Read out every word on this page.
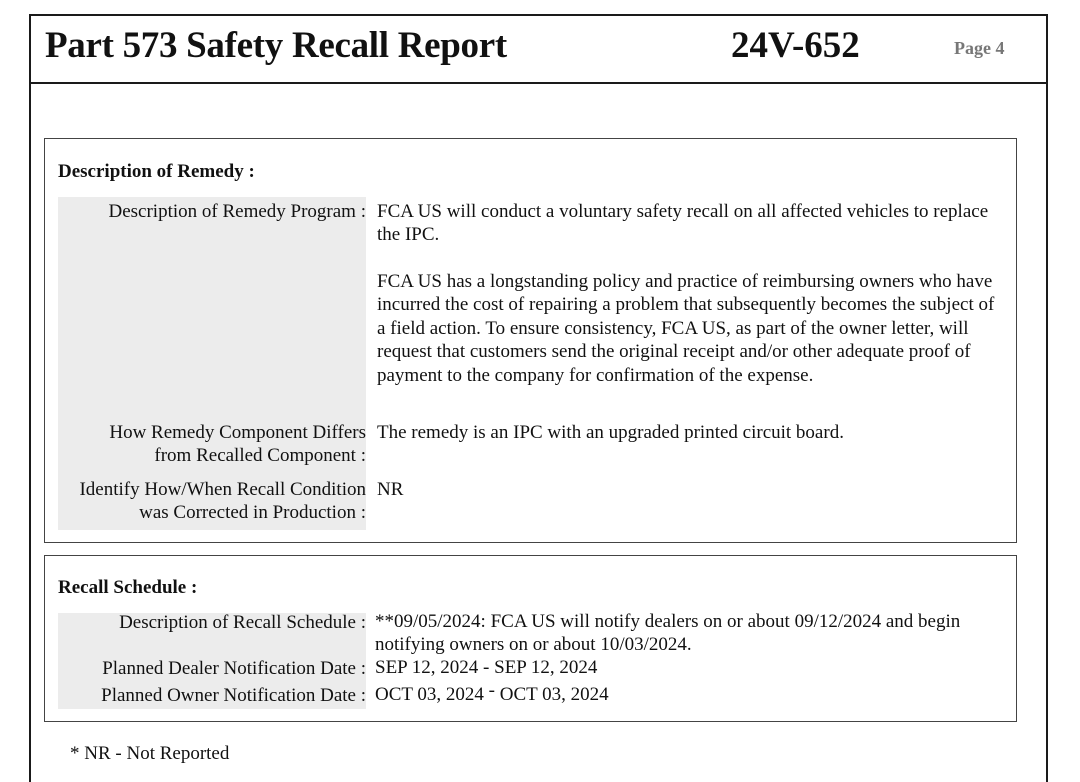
Part 573 Safety Recall Report	24V-652	Page 4
Description of Remedy :
Description of Remedy Program :
How Remedy Component Differs
from Recalled Component :
Identify How/When Recall Condition
was Corrected in Production :
FCA US will conduct a voluntary safety recall on all affected vehicles to replace the IPC.
FCA US has a longstanding policy and practice of reimbursing owners who have incurred the cost of repairing a problem that subsequently becomes the subject of a field action. To ensure consistency, FCA US, as part of the owner letter, will request that customers send the original receipt and/or other adequate proof of payment to the company for confirmation of the expense.
The remedy is an IPC with an upgraded printed circuit board.
NR
Recall Schedule :
Description of Recall Schedule :
Planned Dealer Notification Date :
Planned Owner Notification Date :
**09/05/2024: FCA US will notify dealers on or about 09/12/2024 and begin notifying owners on or about 10/03/2024.
SEP 12, 2024 - SEP 12, 2024
OCT 03, 2024 - OCT 03, 2024
* NR - Not Reported
